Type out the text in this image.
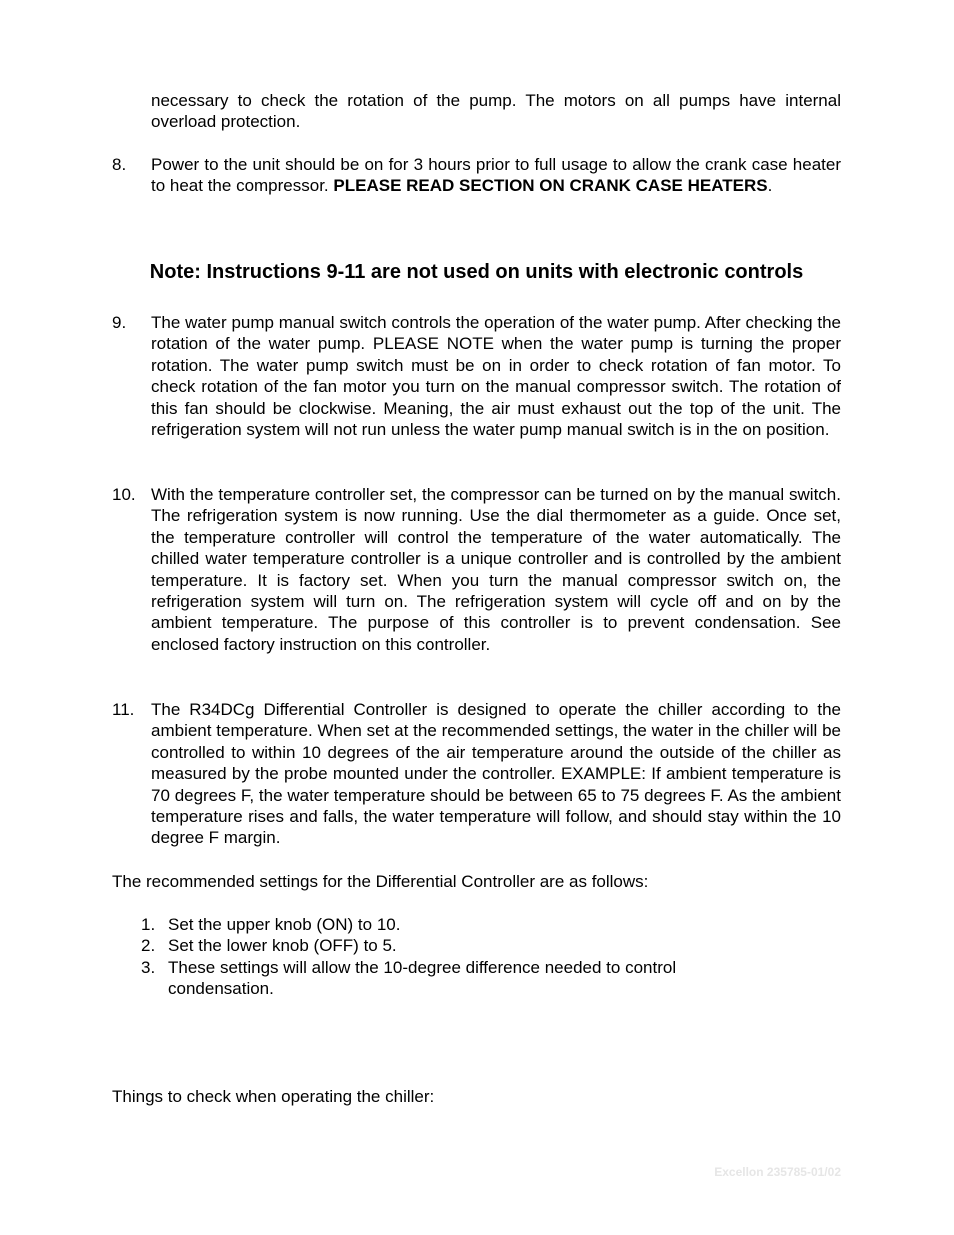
necessary to check the rotation of the pump. The motors on all pumps have internal overload protection.
8. Power to the unit should be on for 3 hours prior to full usage to allow the crank case heater to heat the compressor. PLEASE READ SECTION ON CRANK CASE HEATERS.
Note: Instructions 9-11 are not used on units with electronic controls
9. The water pump manual switch controls the operation of the water pump. After checking the rotation of the water pump. PLEASE NOTE when the water pump is turning the proper rotation. The water pump switch must be on in order to check rotation of fan motor. To check rotation of the fan motor you turn on the manual compressor switch. The rotation of this fan should be clockwise. Meaning, the air must exhaust out the top of the unit. The refrigeration system will not run unless the water pump manual switch is in the on position.
10. With the temperature controller set, the compressor can be turned on by the manual switch. The refrigeration system is now running. Use the dial thermometer as a guide. Once set, the temperature controller will control the temperature of the water automatically. The chilled water temperature controller is a unique controller and is controlled by the ambient temperature. It is factory set. When you turn the manual compressor switch on, the refrigeration system will turn on. The refrigeration system will cycle off and on by the ambient temperature. The purpose of this controller is to prevent condensation. See enclosed factory instruction on this controller.
11. The R34DCg Differential Controller is designed to operate the chiller according to the ambient temperature. When set at the recommended settings, the water in the chiller will be controlled to within 10 degrees of the air temperature around the outside of the chiller as measured by the probe mounted under the controller. EXAMPLE: If ambient temperature is 70 degrees F, the water temperature should be between 65 to 75 degrees F. As the ambient temperature rises and falls, the water temperature will follow, and should stay within the 10 degree F margin.
The recommended settings for the Differential Controller are as follows:
1. Set the upper knob (ON) to 10.
2. Set the lower knob (OFF) to 5.
3. These settings will allow the 10-degree difference needed to control condensation.
Things to check when operating the chiller:
Excellon 235785-01/02
